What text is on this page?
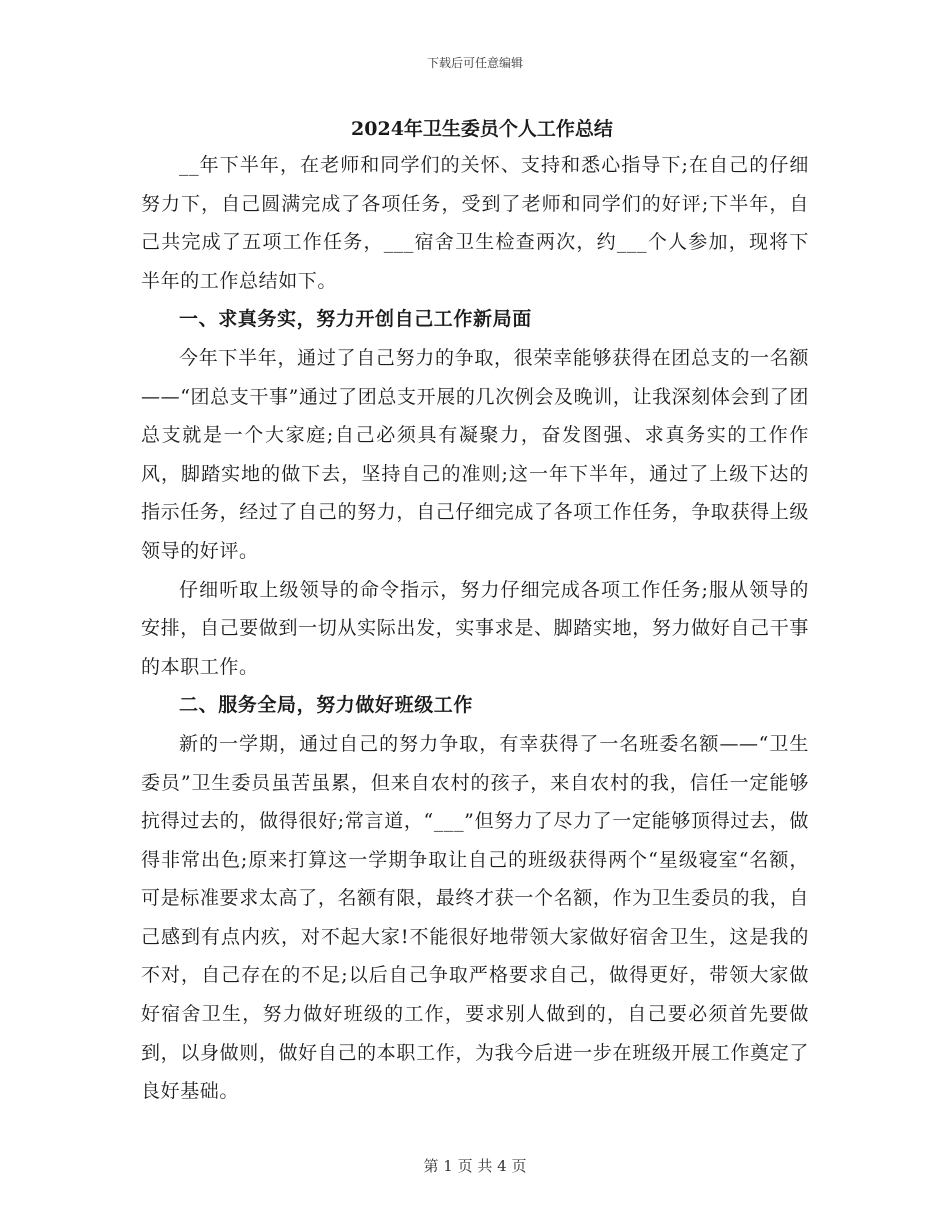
下载后可任意编辑
2024年卫生委员个人工作总结

__年下半年，在老师和同学们的关怀、支持和悉心指导下;在自己的仔细努力下，自己圆满完成了各项任务，受到了老师和同学们的好评;下半年，自己共完成了五项工作任务，___宿舍卫生检查两次，约___个人参加，现将下半年的工作总结如下。

一、求真务实，努力开创自己工作新局面

今年下半年，通过了自己努力的争取，很荣幸能够获得在团总支的一名额——“团总支干事”通过了团总支开展的几次例会及晚训，让我深刻体会到了团总支就是一个大家庭;自己必须具有凝聚力，奋发图强、求真务实的工作作风，脚踏实地的做下去，坚持自己的准则;这一年下半年，通过了上级下达的指示任务，经过了自己的努力，自己仔细完成了各项工作任务，争取获得上级领导的好评。

仔细听取上级领导的命令指示，努力仔细完成各项工作任务;服从领导的安排，自己要做到一切从实际出发，实事求是、脚踏实地，努力做好自己干事的本职工作。

二、服务全局，努力做好班级工作

新的一学期，通过自己的努力争取，有幸获得了一名班委名额——“卫生委员”卫生委员虽苦虽累，但来自农村的孩子，来自农村的我，信任一定能够抗得过去的，做得很好;常言道，“___”但努力了尽力了一定能够顶得过去，做得非常出色;原来打算这一学期争取让自己的班级获得两个“星级寝室“名额，可是标准要求太高了，名额有限，最终才获一个名额，作为卫生委员的我，自己感到有点内疚，对不起大家!不能很好地带领大家做好宿舍卫生，这是我的不对，自己存在的不足;以后自己争取严格要求自己，做得更好，带领大家做好宿舍卫生，努力做好班级的工作，要求别人做到的，自己要必须首先要做到，以身做则，做好自己的本职工作，为我今后进一步在班级开展工作奠定了良好基础。

第 1 页 共 4 页
